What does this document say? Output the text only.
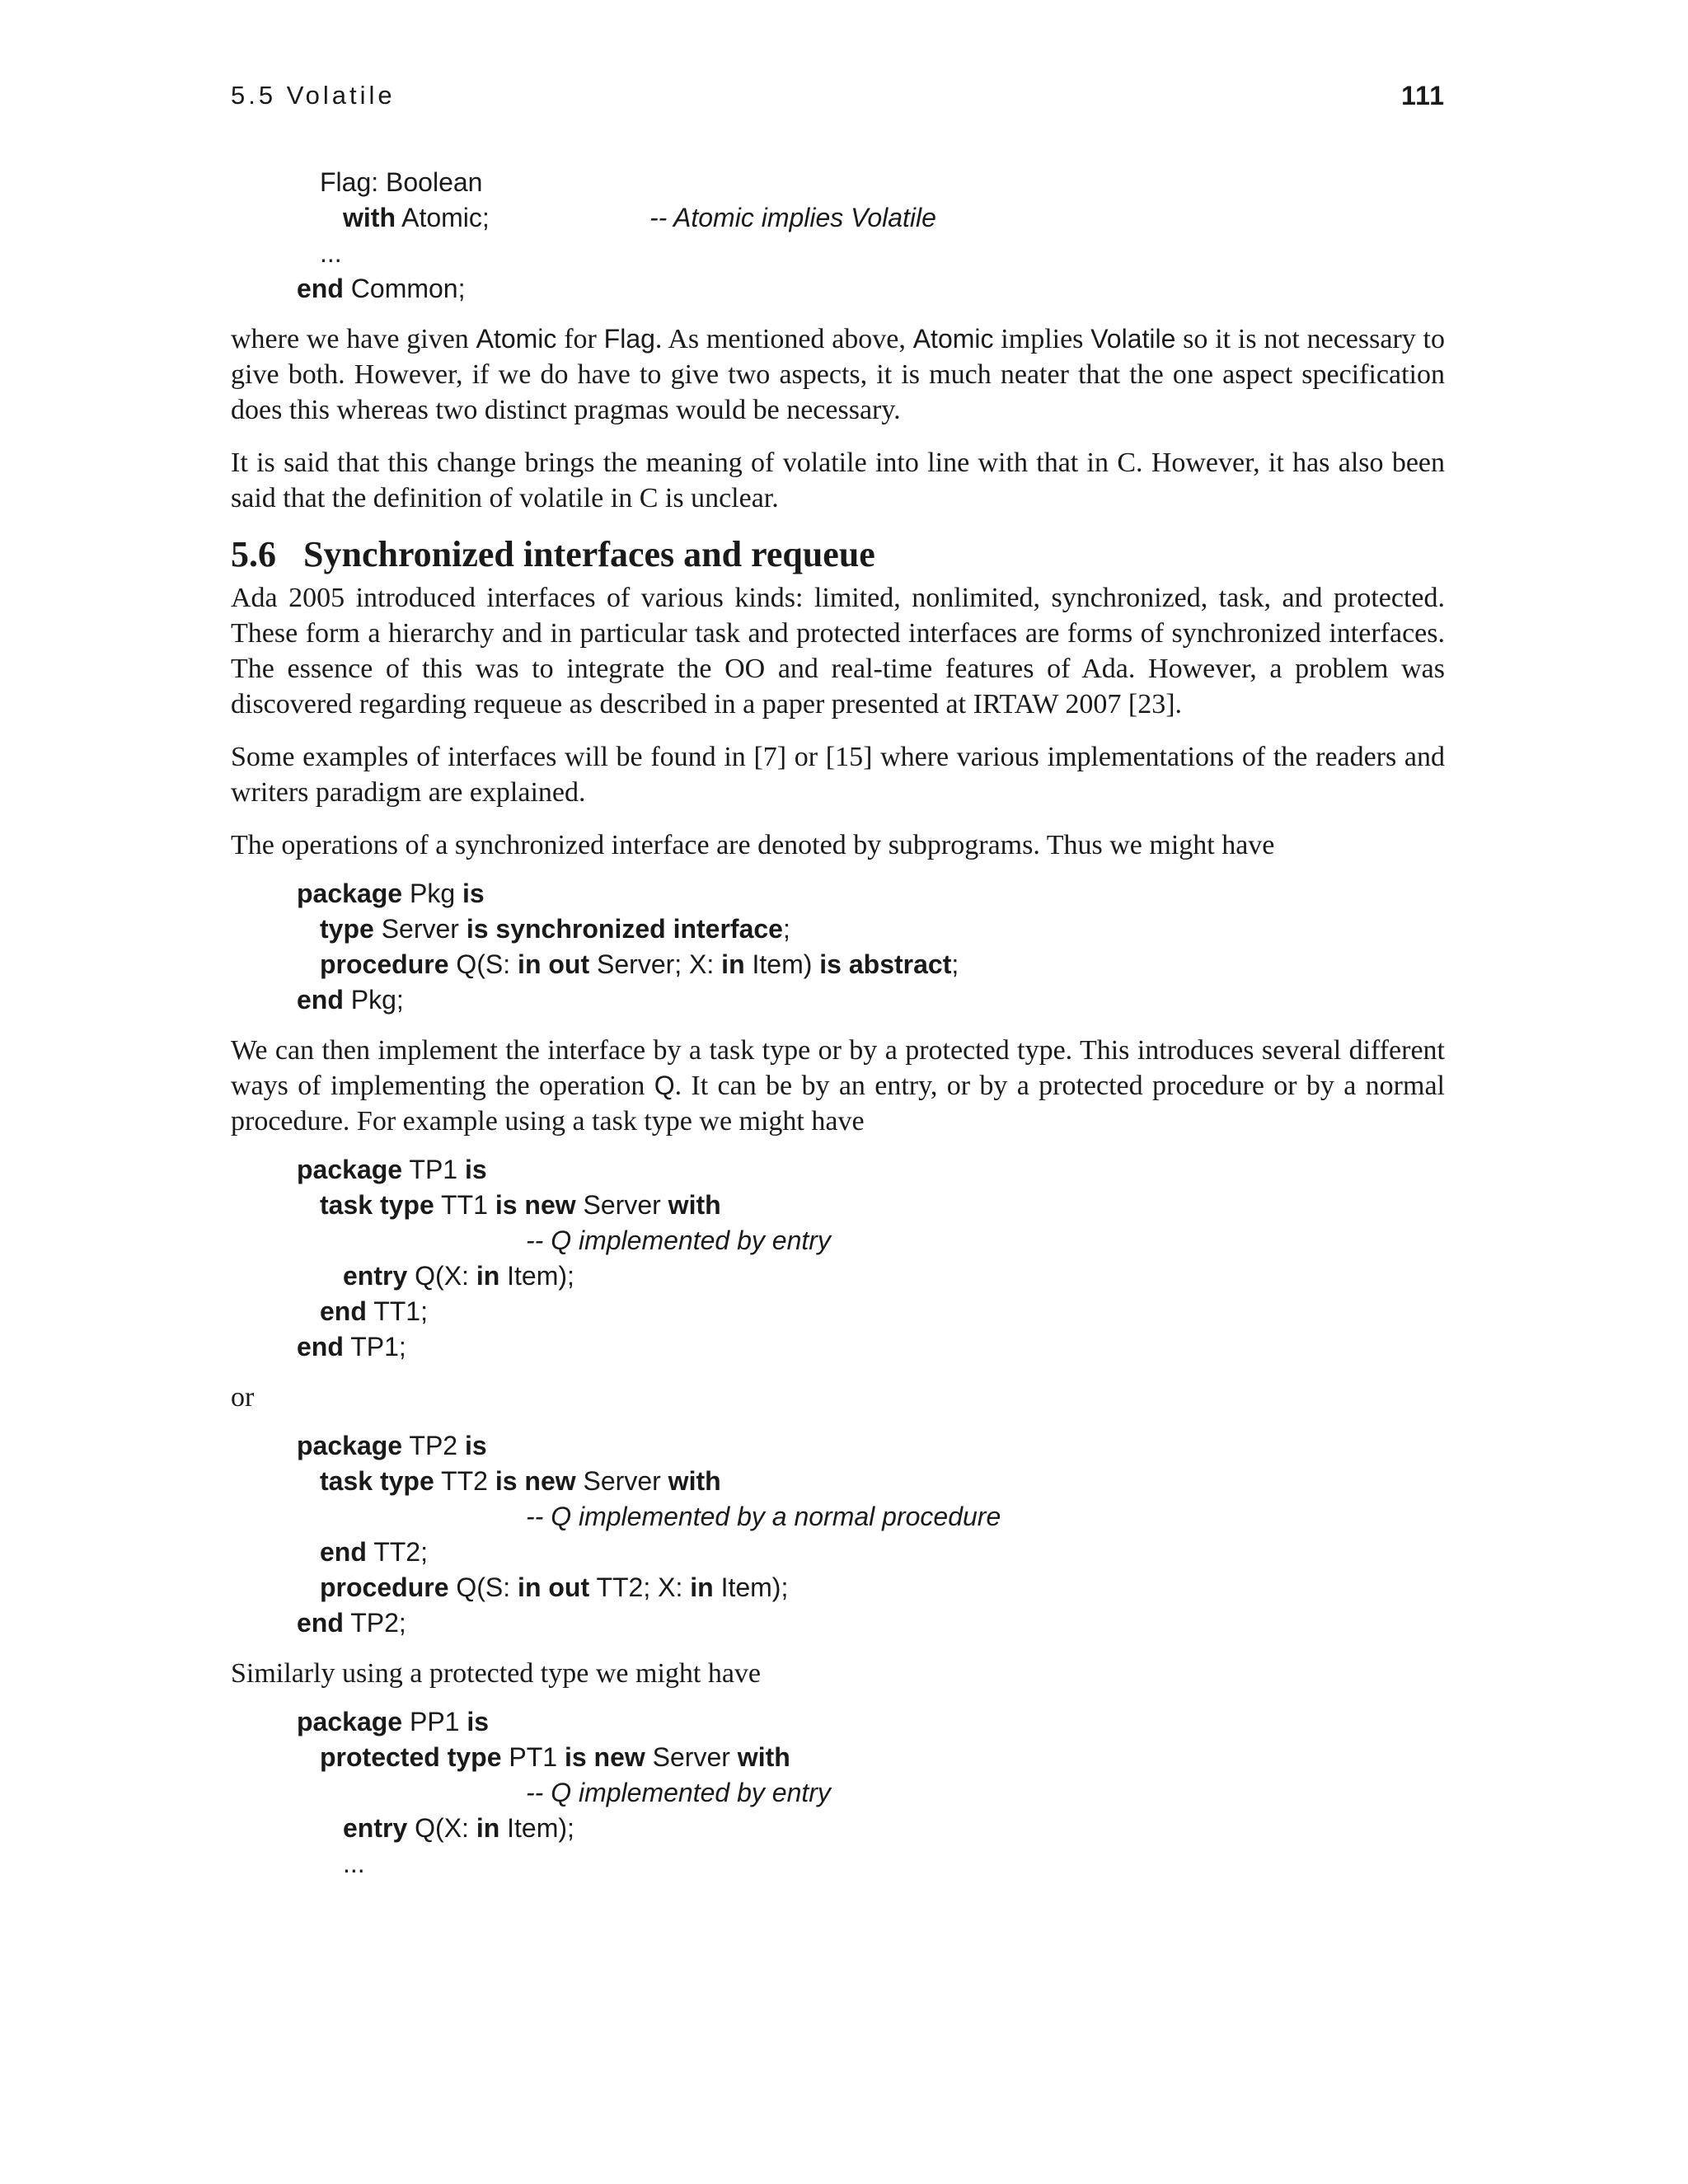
5.5 Volatile	111
Flag: Boolean
with Atomic;	-- Atomic implies Volatile
...
end Common;

where we have given Atomic for Flag. As mentioned above, Atomic implies Volatile so it is not necessary to give both. However, if we do have to give two aspects, it is much neater that the one aspect specification does this whereas two distinct pragmas would be necessary.

It is said that this change brings the meaning of volatile into line with that in C. However, it has also been said that the definition of volatile in C is unclear.

5.6 Synchronized interfaces and requeue

Ada 2005 introduced interfaces of various kinds: limited, nonlimited, synchronized, task, and protected. These form a hierarchy and in particular task and protected interfaces are forms of synchronized interfaces. The essence of this was to integrate the OO and real-time features of Ada. However, a problem was discovered regarding requeue as described in a paper presented at IRTAW 2007 [23].

Some examples of interfaces will be found in [7] or [15] where various implementations of the readers and writers paradigm are explained.

The operations of a synchronized interface are denoted by subprograms. Thus we might have

package Pkg is
type Server is synchronized interface;
procedure Q(S: in out Server; X: in Item) is abstract;
end Pkg;

We can then implement the interface by a task type or by a protected type. This introduces several different ways of implementing the operation Q. It can be by an entry, or by a protected procedure or by a normal procedure. For example using a task type we might have

package TP1 is
task type TT1 is new Server with
-- Q implemented by entry
entry Q(X: in Item);
end TT1;
end TP1;

or

package TP2 is
task type TT2 is new Server with
-- Q implemented by a normal procedure
end TT2;
procedure Q(S: in out TT2; X: in Item);
end TP2;

Similarly using a protected type we might have

package PP1 is
protected type PT1 is new Server with
-- Q implemented by entry
entry Q(X: in Item);
...
